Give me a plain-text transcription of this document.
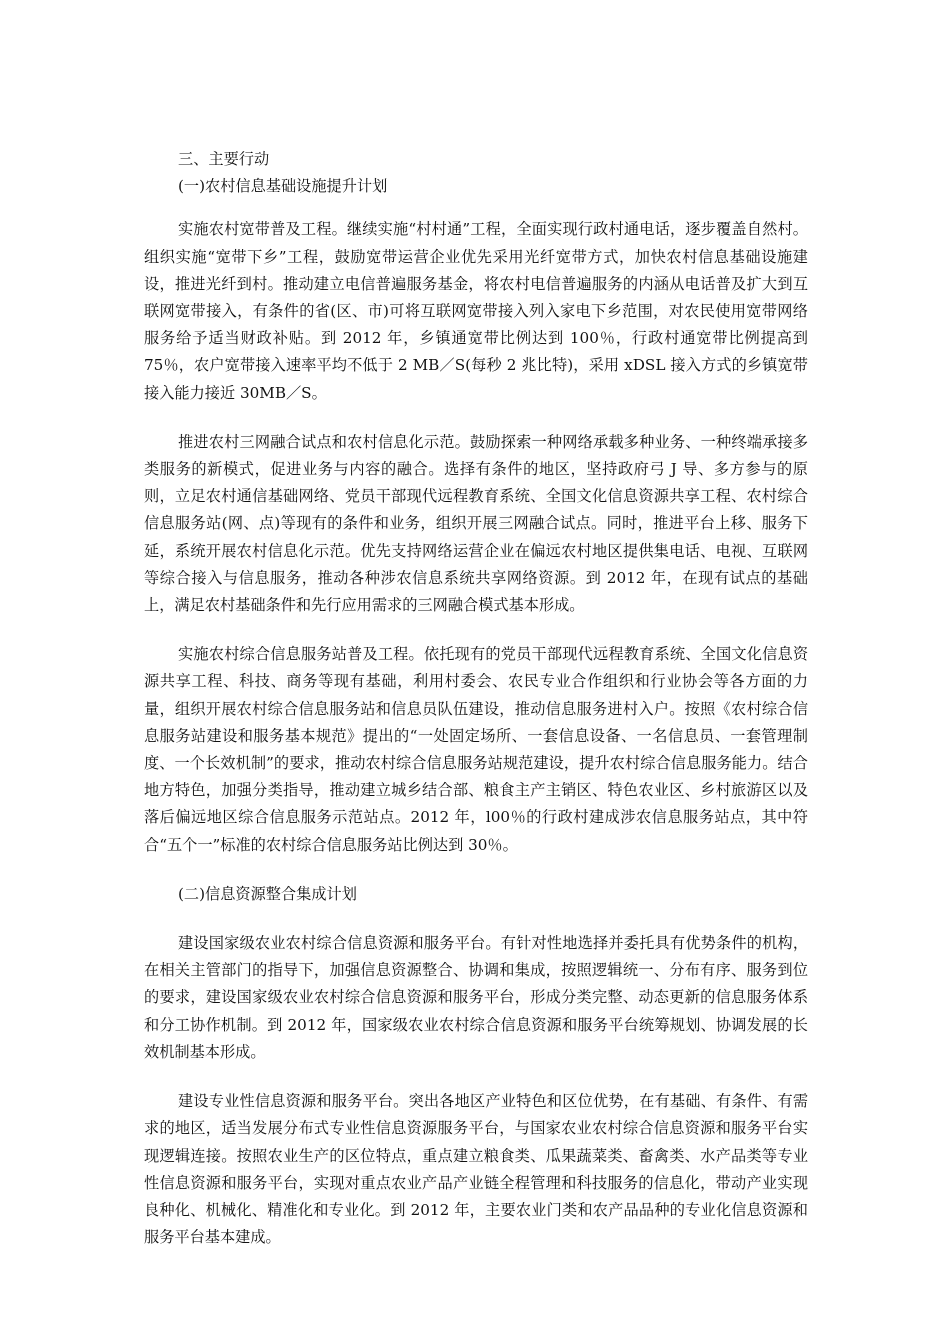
三、主要行动

(一)农村信息基础设施提升计划

实施农村宽带普及工程。继续实施“村村通”工程，全面实现行政村通电话，逐步覆盖自然村。组织实施“宽带下乡”工程，鼓励宽带运营企业优先采用光纤宽带方式，加快农村信息基础设施建设，推进光纤到村。推动建立电信普遍服务基金，将农村电信普遍服务的内涵从电话普及扩大到互联网宽带接入，有条件的省(区、市)可将互联网宽带接入列入家电下乡范围，对农民使用宽带网络服务给予适当财政补贴。到 2012 年，乡镇通宽带比例达到 100％，行政村通宽带比例提高到 75％，农户宽带接入速率平均不低于 2 MB／S(每秒 2 兆比特)，采用 xDSL 接入方式的乡镇宽带接入能力接近 30MB／S。

推进农村三网融合试点和农村信息化示范。鼓励探索一种网络承载多种业务、一种终端承接多类服务的新模式，促进业务与内容的融合。选择有条件的地区，坚持政府弓 J 导、多方参与的原则，立足农村通信基础网络、党员干部现代远程教育系统、全国文化信息资源共享工程、农村综合信息服务站(网、点)等现有的条件和业务，组织开展三网融合试点。同时，推进平台上移、服务下延，系统开展农村信息化示范。优先支持网络运营企业在偏远农村地区提供集电话、电视、互联网等综合接入与信息服务，推动各种涉农信息系统共享网络资源。到 2012 年，在现有试点的基础上，满足农村基础条件和先行应用需求的三网融合模式基本形成。

实施农村综合信息服务站普及工程。依托现有的党员干部现代远程教育系统、全国文化信息资源共享工程、科技、商务等现有基础，利用村委会、农民专业合作组织和行业协会等各方面的力量，组织开展农村综合信息服务站和信息员队伍建设，推动信息服务进村入户。按照《农村综合信息服务站建设和服务基本规范》提出的“一处固定场所、一套信息设备、一名信息员、一套管理制度、一个长效机制”的要求，推动农村综合信息服务站规范建设，提升农村综合信息服务能力。结合地方特色，加强分类指导，推动建立城乡结合部、粮食主产主销区、特色农业区、乡村旅游区以及落后偏远地区综合信息服务示范站点。2012 年，l00％的行政村建成涉农信息服务站点，其中符合“五个一”标准的农村综合信息服务站比例达到 30％。

(二)信息资源整合集成计划

建设国家级农业农村综合信息资源和服务平台。有针对性地选择并委托具有优势条件的机构，在相关主管部门的指导下，加强信息资源整合、协调和集成，按照逻辑统一、分布有序、服务到位的要求，建设国家级农业农村综合信息资源和服务平台，形成分类完整、动态更新的信息服务体系和分工协作机制。到 2012 年，国家级农业农村综合信息资源和服务平台统筹规划、协调发展的长效机制基本形成。

建设专业性信息资源和服务平台。突出各地区产业特色和区位优势，在有基础、有条件、有需求的地区，适当发展分布式专业性信息资源服务平台，与国家农业农村综合信息资源和服务平台实现逻辑连接。按照农业生产的区位特点，重点建立粮食类、瓜果蔬菜类、畜禽类、水产品类等专业性信息资源和服务平台，实现对重点农业产品产业链全程管理和科技服务的信息化，带动产业实现良种化、机械化、精准化和专业化。到 2012 年，主要农业门类和农产品品种的专业化信息资源和服务平台基本建成。
